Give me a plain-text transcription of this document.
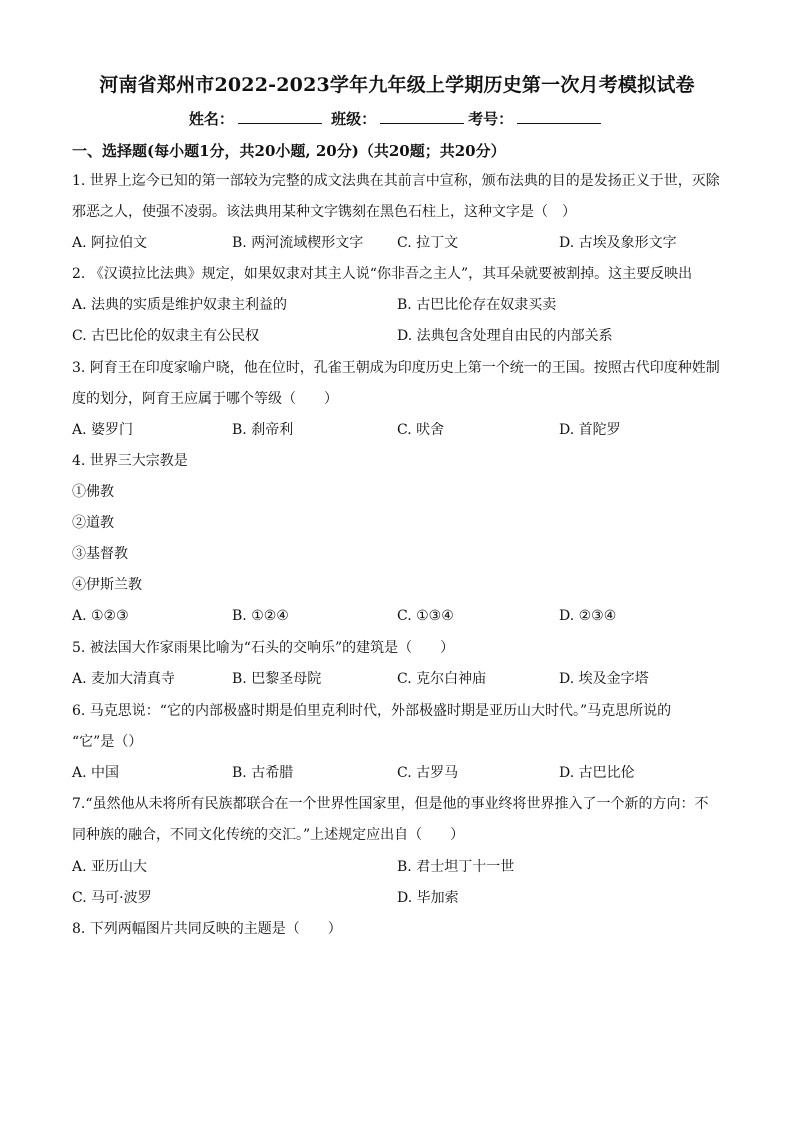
河南省郑州市2022-2023学年九年级上学期历史第一次月考模拟试卷
姓名：	班级：	考号：
一、选择题(每小题1分，共20小题, 20分)（共20题；共20分）
1. 世界上迄今已知的第一部较为完整的成文法典在其前言中宣称，颁布法典的目的是发扬正义于世，灭除
邪恶之人，使强不凌弱。该法典用某种文字镌刻在黑色石柱上，这种文字是（　）
A. 阿拉伯文	B. 两河流域楔形文字 C. 拉丁文	D. 古埃及象形文字
2. 《汉谟拉比法典》规定，如果奴隶对其主人说“你非吾之主人”，其耳朵就要被割掉。这主要反映出
A. 法典的实质是维护奴隶主利益的	B. 古巴比伦存在奴隶买卖
C. 古巴比伦的奴隶主有公民权	D. 法典包含处理自由民的内部关系
3. 阿育王在印度家喻户晓，他在位时，孔雀王朝成为印度历史上第一个统一的王国。按照古代印度种姓制
度的划分，阿育王应属于哪个等级（　　）
A. 婆罗门	B. 刹帝利	C. 吠舍	D. 首陀罗
4. 世界三大宗教是
①佛教
②道教
③基督教
④伊斯兰教
A. ①②③	B. ①②④	C. ①③④	D. ②③④
5. 被法国大作家雨果比喻为“石头的交响乐”的建筑是（　　）
A. 麦加大清真寺	B. 巴黎圣母院	C. 克尔白神庙	D. 埃及金字塔
6. 马克思说：“它的内部极盛时期是伯里克利时代，外部极盛时期是亚历山大时代。”马克思所说的
“它”是（）
A. 中国	B. 古希腊	C. 古罗马	D. 古巴比伦
7.“虽然他从未将所有民族都联合在一个世界性国家里，但是他的事业终将世界推入了一个新的方向：不
同种族的融合，不同文化传统的交汇。”上述规定应出自（　　）
A. 亚历山大	B. 君士坦丁十一世
C. 马可·波罗	D. 毕加索
8. 下列两幅图片共同反映的主题是（　　）
